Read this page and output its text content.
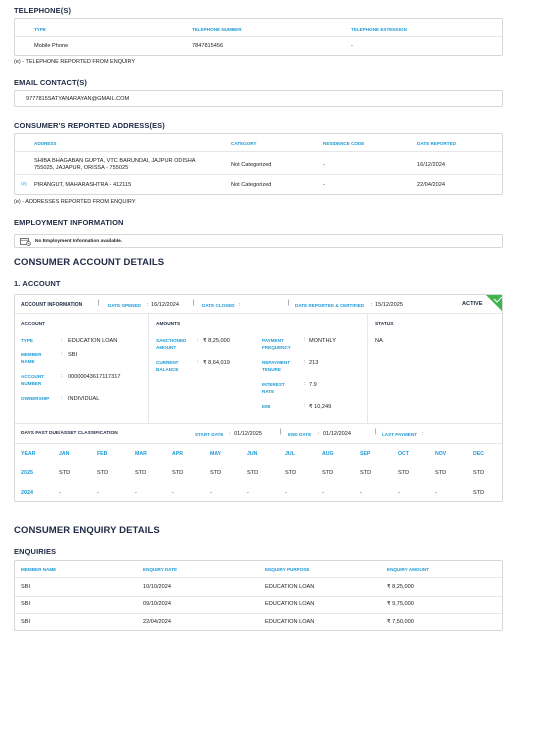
TELEPHONE(S)
TYPE	TELEPHONE NUMBER	TELEPHONE EXTENSION
Mobile Phone	7847815456	-
(e) - TELEPHONE REPORTED FROM ENQUIRY
EMAIL CONTACT(S)
9777815SATYANARAYAN@GMAIL.COM
CONSUMER'S REPORTED ADDRESS(ES)
ADDRESS	CATEGORY	RESIDENCE CODE	DATE REPORTED
SHIBA BHAGABAN GUPTA, VTC BARUNDAI, JAJPUR ODISHA
755025, JAJAPUR, ORISSA - 755025	Not Categorized	-	16/12/2024
(e) PIRANGUT, MAHARASHTRA - 412115	Not Categorized	-	22/04/2024
(e) - ADDRESSES REPORTED FROM ENQUIRY
EMPLOYMENT INFORMATION
No Employment Information available.
CONSUMER ACCOUNT DETAILS
1. ACCOUNT
ACCOUNT INFORMATION	| DATE OPENED : 16/12/2024 | DATE CLOSED :	| DATE REPORTED & CERTIFIED : 15/12/2025	ACTIVE
ACCOUNT
TYPE	: EDUCATION LOAN
MEMBER NAME
: SBI
ACCOUNT NUMBER
: 00000043617117317
OWNERSHIP	: INDIVIDUAL
AMOUNTS
SANCTIONED AMOUNT
: ₹ 8,25,000
CURRENT BALANCE
: ₹ 8,64,019
PAYMENT FREQUENCY
: MONTHLY
REPAYMENT TENURE
: 213
INTEREST RATE
: 7.9
EMI	: ₹ 10,249
STATUS
NA
DAYS PAST DUE/ASSET CLASSIFICATION	START DATE : 01/12/2025	| END DATE : 01/12/2024	| LAST PAYMENT :
YEAR	JAN	FEB	MAR	APR	MAY	JUN	JUL	AUG	SEP	OCT	NOV	DEC
2025	STD	STD	STD	STD	STD	STD	STD	STD	STD	STD	STD	STD
2024	-	-	-	-	-	-	-	-	-	-	-	STD
CONSUMER ENQUIRY DETAILS
ENQUIRIES
MEMBER NAME	ENQUIRY DATE	ENQUIRY PURPOSE	ENQUIRY AMOUNT
SBI	10/10/2024	EDUCATION LOAN	₹ 8,25,000
SBI	09/10/2024	EDUCATION LOAN	₹ 9,75,000
SBI	22/04/2024	EDUCATION LOAN	₹ 7,50,000
